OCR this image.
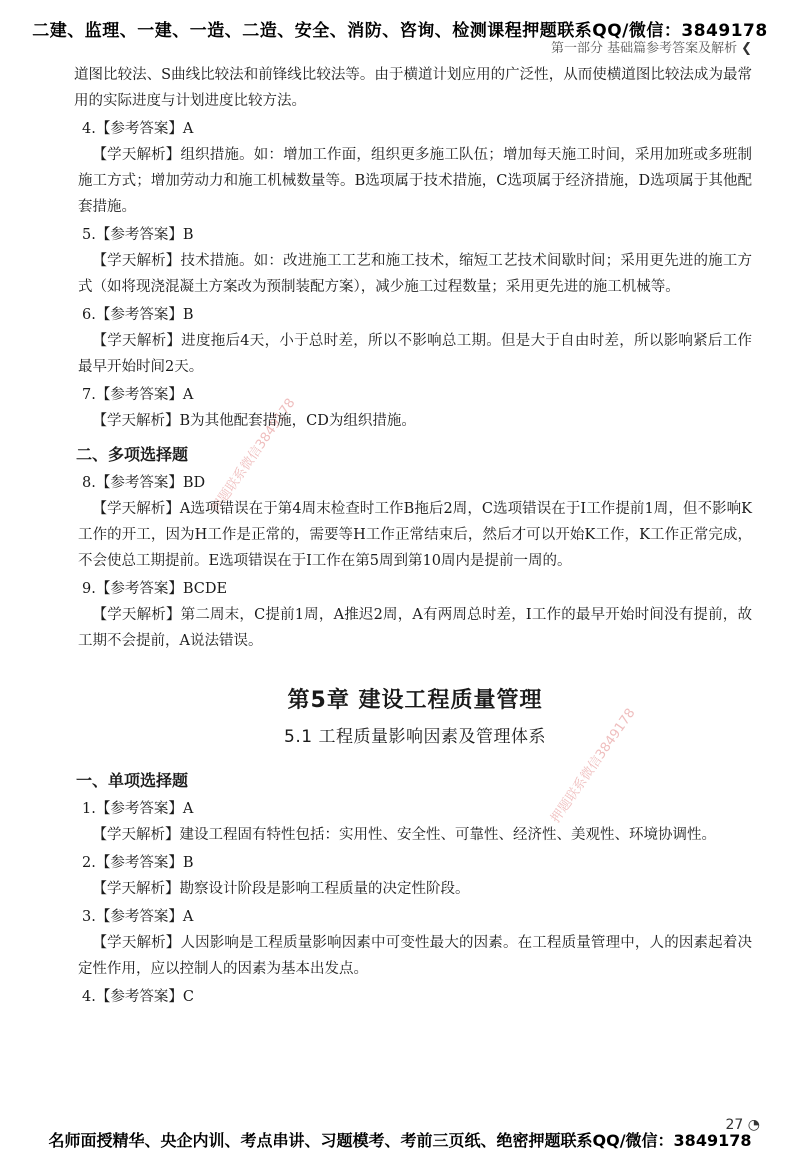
二建、监理、一建、一造、二造、安全、消防、咨询、检测课程押题联系QQ/微信：3849178
第一部分 基础篇参考答案及解析 ❮
押题联系微信3849178
押题联系微信3849178

道图比较法、S曲线比较法和前锋线比较法等。由于横道计划应用的广泛性，从而使横道图比较法成为最常用的实际进度与计划进度比较方法。

4.【参考答案】A

【学天解析】组织措施。如：增加工作面，组织更多施工队伍；增加每天施工时间，采用加班或多班制施工方式；增加劳动力和施工机械数量等。B选项属于技术措施，C选项属于经济措施，D选项属于其他配套措施。

5.【参考答案】B

【学天解析】技术措施。如：改进施工工艺和施工技术，缩短工艺技术间歇时间；采用更先进的施工方式（如将现浇混凝土方案改为预制装配方案），减少施工过程数量；采用更先进的施工机械等。

6.【参考答案】B

【学天解析】进度拖后4天，小于总时差，所以不影响总工期。但是大于自由时差，所以影响紧后工作最早开始时间2天。

7.【参考答案】A

【学天解析】B为其他配套措施，CD为组织措施。

二、多项选择题

8.【参考答案】BD

【学天解析】A选项错误在于第4周末检查时工作B拖后2周，C选项错误在于I工作提前1周，但不影响K工作的开工，因为H工作是正常的，需要等H工作正常结束后，然后才可以开始K工作，K工作正常完成，不会使总工期提前。E选项错误在于I工作在第5周到第10周内是提前一周的。

9.【参考答案】BCDE

【学天解析】第二周末，C提前1周，A推迟2周，A有两周总时差，I工作的最早开始时间没有提前，故工期不会提前，A说法错误。

第5章 建设工程质量管理
5.1 工程质量影响因素及管理体系
一、单项选择题

1.【参考答案】A

【学天解析】建设工程固有特性包括：实用性、安全性、可靠性、经济性、美观性、环境协调性。

2.【参考答案】B

【学天解析】勘察设计阶段是影响工程质量的决定性阶段。

3.【参考答案】A

【学天解析】人因影响是工程质量影响因素中可变性最大的因素。在工程质量管理中，人的因素起着决定性作用，应以控制人的因素为基本出发点。

4.【参考答案】C

27 ◔
名师面授精华、央企内训、考点串讲、习题模考、考前三页纸、绝密押题联系QQ/微信：3849178
